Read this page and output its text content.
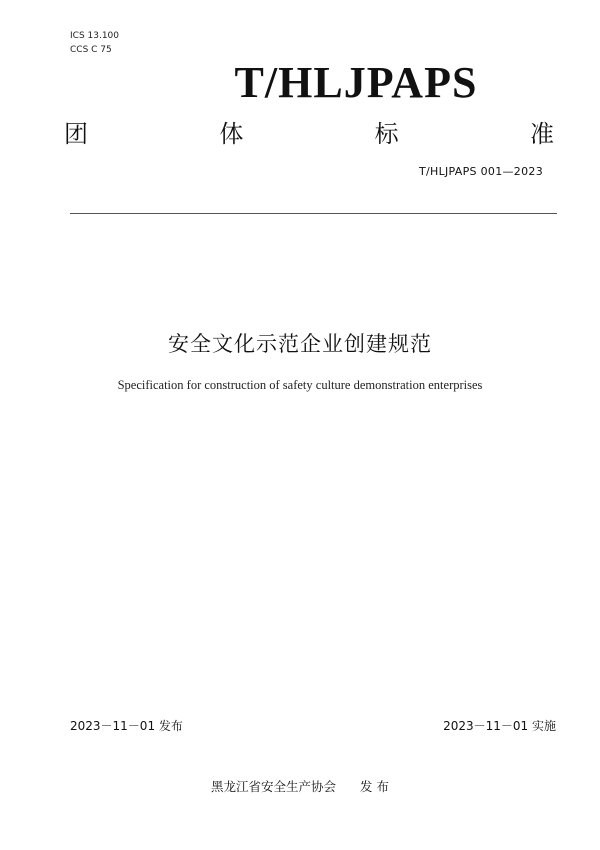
ICS 13.100
CCS C 75
T/HLJPAPS
团	体	标	准
T/HLJPAPS 001—2023
安全文化示范企业创建规范
Specification for construction of safety culture demonstration enterprises
2023－11－01 发布	2023－11－01 实施
黑龙江省安全生产协会 发 布
